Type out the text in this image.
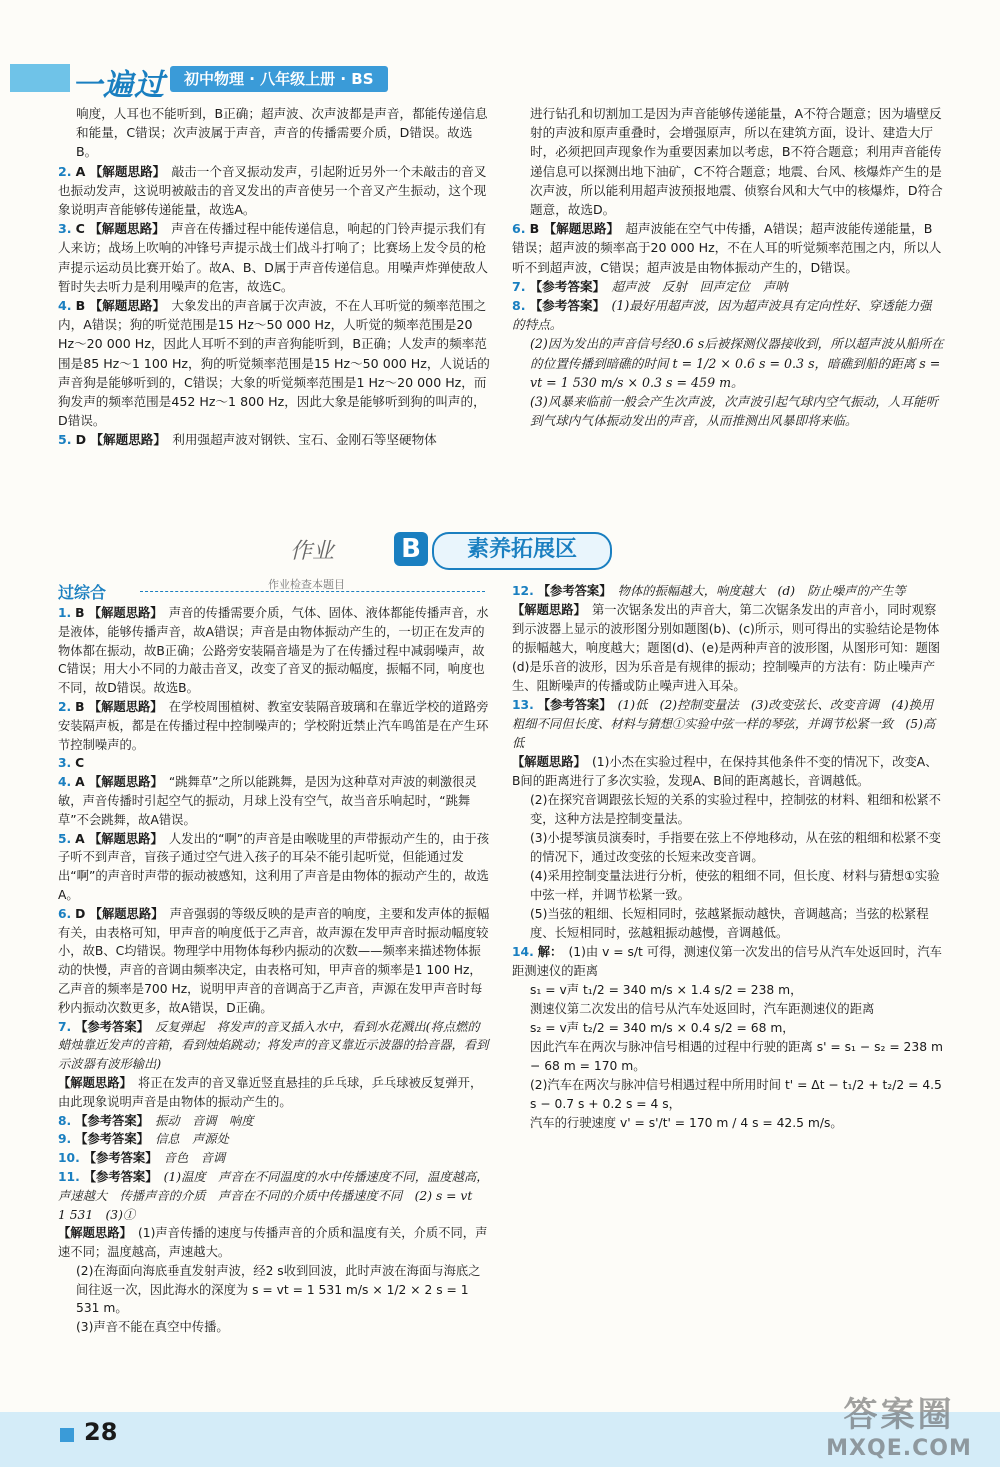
一遍过	初中物理 · 八年级上册 · BS

响度，人耳也不能听到，B正确；超声波、次声波都是声音，都能传递信息和能量，C错误；次声波属于声音，声音的传播需要介质，D错误。故选B。

2. A 【解题思路】　 敲击一个音叉振动发声，引起附近另外一个未敲击的音叉也振动发声，这说明被敲击的音叉发出的声音使另一个音叉产生振动，这个现象说明声音能够传递能量，故选A。

3. C 【解题思路】　 声音在传播过程中能传递信息，响起的门铃声提示我们有人来访；战场上吹响的冲锋号声提示战士们战斗打响了；比赛场上发令员的枪声提示运动员比赛开始了。故A、B、D属于声音传递信息。用噪声炸弹使敌人暂时失去听力是利用噪声的危害，故选C。

4. B 【解题思路】　 大象发出的声音属于次声波，不在人耳听觉的频率范围之内，A错误；狗的听觉范围是15 Hz～50 000 Hz，人听觉的频率范围是20 Hz～20 000 Hz，因此人耳听不到的声音狗能听到，B正确；人发声的频率范围是85 Hz～1 100 Hz，狗的听觉频率范围是15 Hz～50 000 Hz，人说话的声音狗是能够听到的，C错误；大象的听觉频率范围是1 Hz～20 000 Hz，而狗发声的频率范围是452 Hz～1 800 Hz，因此大象是能够听到狗的叫声的，D错误。

5. D 【解题思路】　 利用强超声波对钢铁、宝石、金刚石等坚硬物体

进行钻孔和切割加工是因为声音能够传递能量，A不符合题意；因为墙壁反射的声波和原声重叠时，会增强原声，所以在建筑方面，设计、建造大厅时，必须把回声现象作为重要因素加以考虑，B不符合题意；利用声音能传递信息可以探测出地下油矿，C不符合题意；地震、台风、核爆炸产生的是次声波，所以能利用超声波预报地震、侦察台风和大气中的核爆炸，D符合题意，故选D。

6. B 【解题思路】　 超声波能在空气中传播，A错误；超声波能传递能量，B错误；超声波的频率高于20 000 Hz，不在人耳的听觉频率范围之内，所以人听不到超声波，C错误；超声波是由物体振动产生的，D错误。

7. 【参考答案】　 超声波　反射　回声定位　声呐

8. 【参考答案】　 (1)最好用超声波，因为超声波具有定向性好、穿透能力强的特点。

(2)因为发出的声音信号经0.6 s后被探测仪器接收到，所以超声波从船所在的位置传播到暗礁的时间 t = 1/2 × 0.6 s = 0.3 s，暗礁到船的距离 s = vt = 1 530 m/s × 0.3 s = 459 m。

(3)风暴来临前一般会产生次声波，次声波引起气球内空气振动，人耳能听到气球内气体振动发出的声音，从而推测出风暴即将来临。

作业	B	素养拓展区
作业检查本题目
过综合

1. B 【解题思路】　 声音的传播需要介质，气体、固体、液体都能传播声音，水是液体，能够传播声音，故A错误；声音是由物体振动产生的，一切正在发声的物体都在振动，故B正确；公路旁安装隔音墙是为了在传播过程中减弱噪声，故C错误；用大小不同的力敲击音叉，改变了音叉的振动幅度，振幅不同，响度也不同，故D错误。故选B。

2. B 【解题思路】　 在学校周围植树、教室安装隔音玻璃和在靠近学校的道路旁安装隔声板，都是在传播过程中控制噪声的；学校附近禁止汽车鸣笛是在产生环节控制噪声的。

3. C　

4. A 【解题思路】　 “跳舞草”之所以能跳舞，是因为这种草对声波的刺激很灵敏，声音传播时引起空气的振动，月球上没有空气，故当音乐响起时，“跳舞草”不会跳舞，故A错误。

5. A 【解题思路】　 人发出的“啊”的声音是由喉咙里的声带振动产生的，由于孩子听不到声音，盲孩子通过空气进入孩子的耳朵不能引起听觉，但能通过发出“啊”的声音时声带的振动被感知，这利用了声音是由物体的振动产生的，故选A。

6. D 【解题思路】　 声音强弱的等级反映的是声音的响度，主要和发声体的振幅有关，由表格可知，甲声音的响度低于乙声音，故声源在发甲声音时振动幅度较小，故B、C均错误。物理学中用物体每秒内振动的次数——频率来描述物体振动的快慢，声音的音调由频率决定，由表格可知，甲声音的频率是1 100 Hz，乙声音的频率是700 Hz，说明甲声音的音调高于乙声音，声源在发甲声音时每秒内振动次数更多，故A错误，D正确。

7. 【参考答案】　 反复弹起　将发声的音叉插入水中，看到水花溅出(将点燃的蜡烛靠近发声的音箱，看到烛焰跳动；将发声的音叉靠近示波器的拾音器，看到示波器有波形输出)

【解题思路】　 将正在发声的音叉靠近竖直悬挂的乒乓球，乒乓球被反复弹开，由此现象说明声音是由物体的振动产生的。

8. 【参考答案】　 振动　音调　响度

9. 【参考答案】　 信息　声源处

10. 【参考答案】　 音色　音调

11. 【参考答案】　 (1)温度　声音在不同温度的水中传播速度不同，温度越高，声速越大　传播声音的介质　声音在不同的介质中传播速度不同　(2) s = vt　1 531　(3)①

【解题思路】　 (1)声音传播的速度与传播声音的介质和温度有关，介质不同，声速不同；温度越高，声速越大。

(2)在海面向海底垂直发射声波，经2 s收到回波，此时声波在海面与海底之间往返一次，因此海水的深度为 s = vt = 1 531 m/s × 1/2 × 2 s = 1 531 m。

(3)声音不能在真空中传播。

12. 【参考答案】　 物体的振幅越大，响度越大　(d)　防止噪声的产生等

【解题思路】　 第一次锯条发出的声音大，第二次锯条发出的声音小，同时观察到示波器上显示的波形图分别如题图(b)、(c)所示，则可得出的实验结论是物体的振幅越大，响度越大；题图(d)、(e)是两种声音的波形图，从图形可知：题图(d)是乐音的波形，因为乐音是有规律的振动；控制噪声的方法有：防止噪声产生、阻断噪声的传播或防止噪声进入耳朵。

13. 【参考答案】　 (1)低　(2)控制变量法　(3)改变弦长、改变音调　(4)换用粗细不同但长度、材料与猜想①实验中弦一样的琴弦，并调节松紧一致　(5)高　低

【解题思路】　 (1)小杰在实验过程中，在保持其他条件不变的情况下，改变A、B间的距离进行了多次实验，发现A、B间的距离越长，音调越低。

(2)在探究音调跟弦长短的关系的实验过程中，控制弦的材料、粗细和松紧不变，这种方法是控制变量法。

(3)小提琴演员演奏时，手指要在弦上不停地移动，从在弦的粗细和松紧不变的情况下，通过改变弦的长短来改变音调。

(4)采用控制变量法进行分析，使弦的粗细不同，但长度、材料与猜想①实验中弦一样，并调节松紧一致。

(5)当弦的粗细、长短相同时，弦越紧振动越快，音调越高；当弦的松紧程度、长短相同时，弦越粗振动越慢，音调越低。

14. 解：　 (1)由 v = s/t 可得，测速仪第一次发出的信号从汽车处返回时，汽车距测速仪的距离

s₁ = v声 t₁/2 = 340 m/s × 1.4 s/2 = 238 m，

测速仪第二次发出的信号从汽车处返回时，汽车距测速仪的距离

s₂ = v声 t₂/2 = 340 m/s × 0.4 s/2 = 68 m，

因此汽车在两次与脉冲信号相遇的过程中行驶的距离 s' = s₁ − s₂ = 238 m − 68 m = 170 m。

(2)汽车在两次与脉冲信号相遇过程中所用时间 t' = Δt − t₁/2 + t₂/2 = 4.5 s − 0.7 s + 0.2 s = 4 s，

汽车的行驶速度 v' = s'/t' = 170 m / 4 s = 42.5 m/s。

28	答案圈
MXQE.COM
